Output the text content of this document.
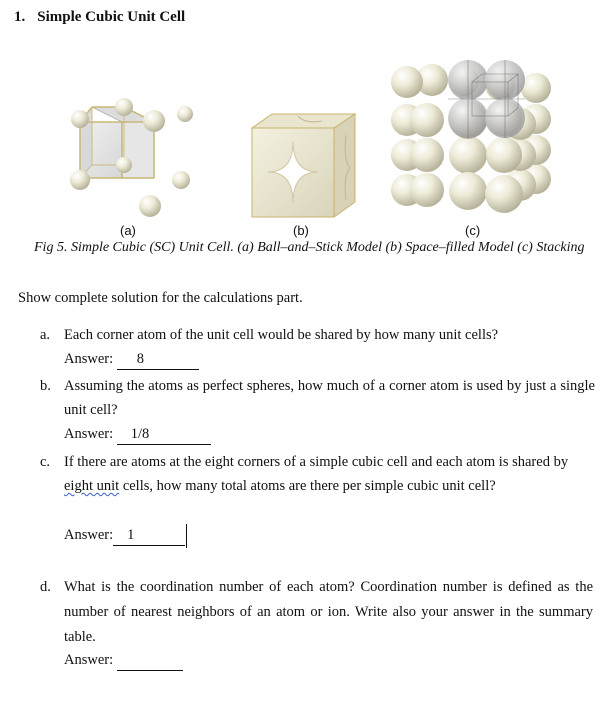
1. Simple Cubic Unit Cell
(a)	(b)	(c)
Fig 5. Simple Cubic (SC) Unit Cell. (a) Ball–and–Stick Model (b) Space–filled Model (c) Stacking
Show complete solution for the calculations part.
a. Each corner atom of the unit cell would be shared by how many unit cells?
Answer: 8
b. Assuming the atoms as perfect spheres, how much of a corner atom is used by just a single unit cell?
Answer: 1/8
c. If there are atoms at the eight corners of a simple cubic cell and each atom is shared by eight unit cells, how many total atoms are there per simple cubic unit cell?
Answer: 1
d. What is the coordination number of each atom? Coordination number is defined as the number of nearest neighbors of an atom or ion. Write also your answer in the summary table.
Answer:
